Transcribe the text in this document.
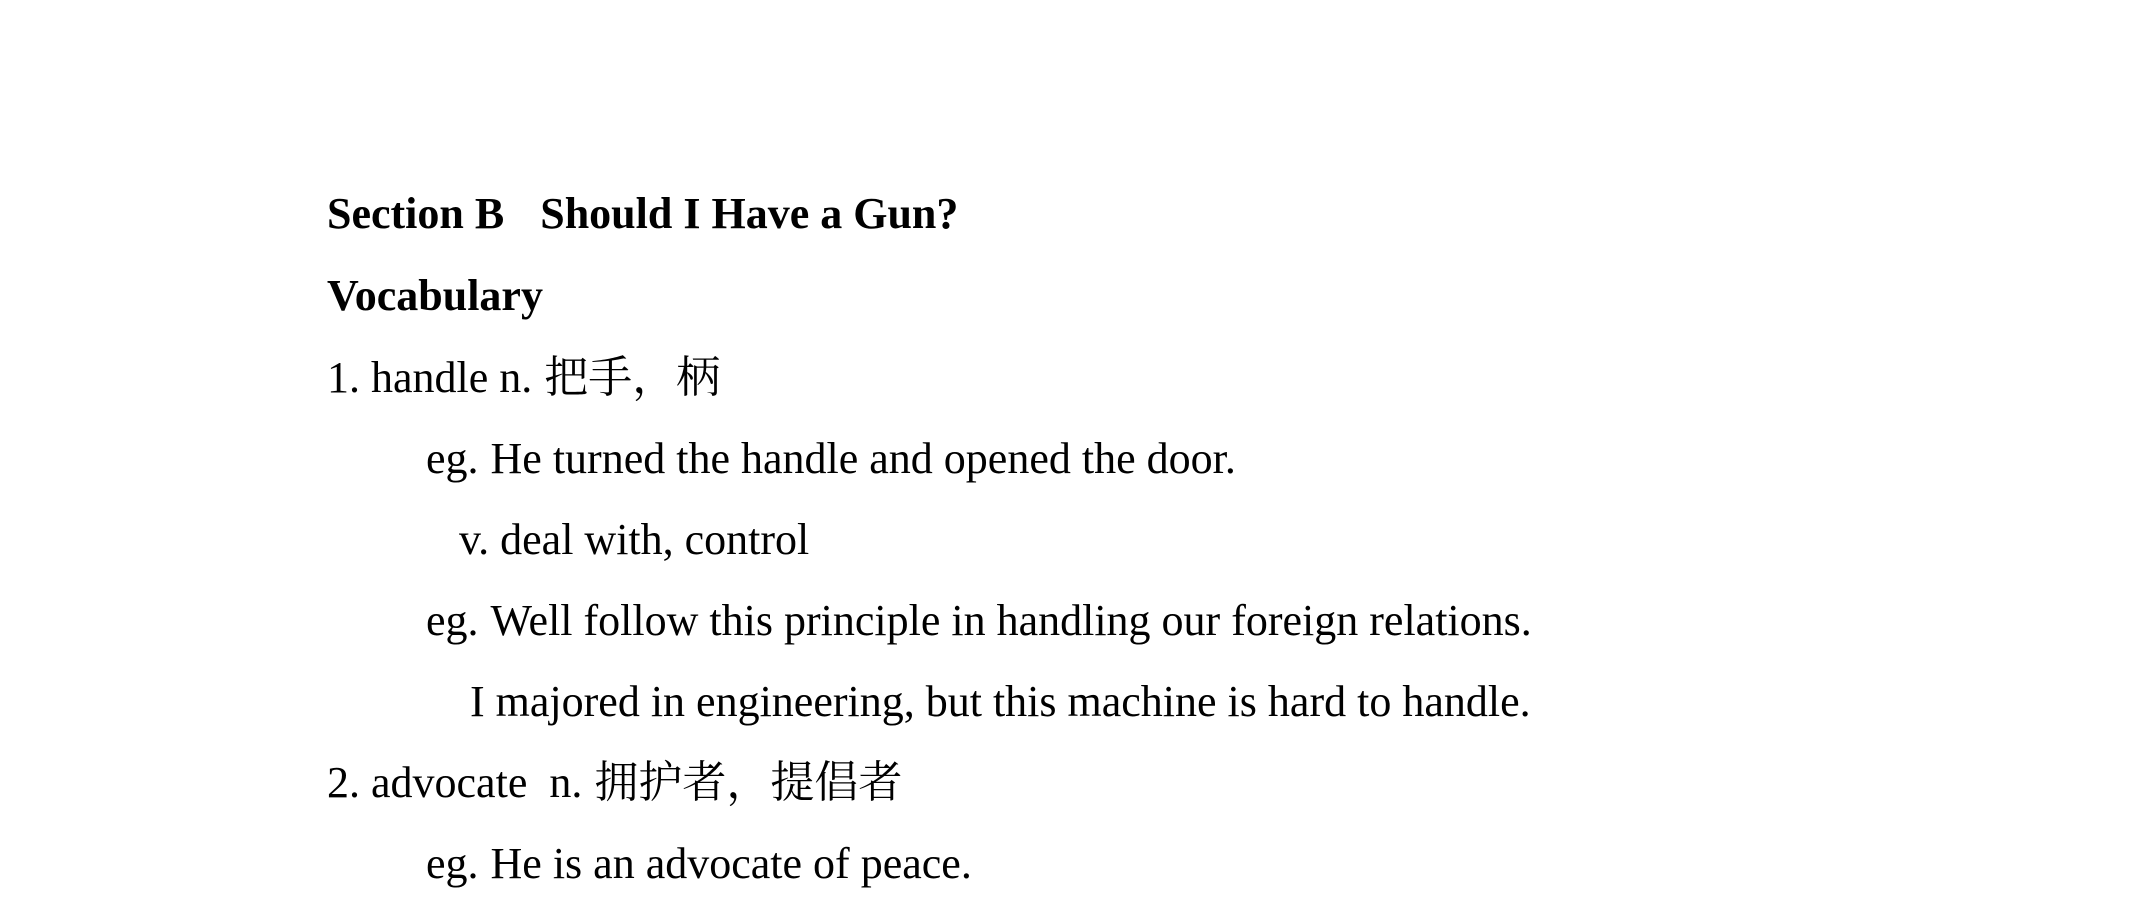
Section B Should I Have a Gun?
Vocabulary
1. handle n. 把手，柄
eg. He turned the handle and opened the door.
v. deal with, control
eg. Well follow this principle in handling our foreign relations.
I majored in engineering, but this machine is hard to handle.
2. advocate  n. 拥护者，提倡者
eg. He is an advocate of peace.
